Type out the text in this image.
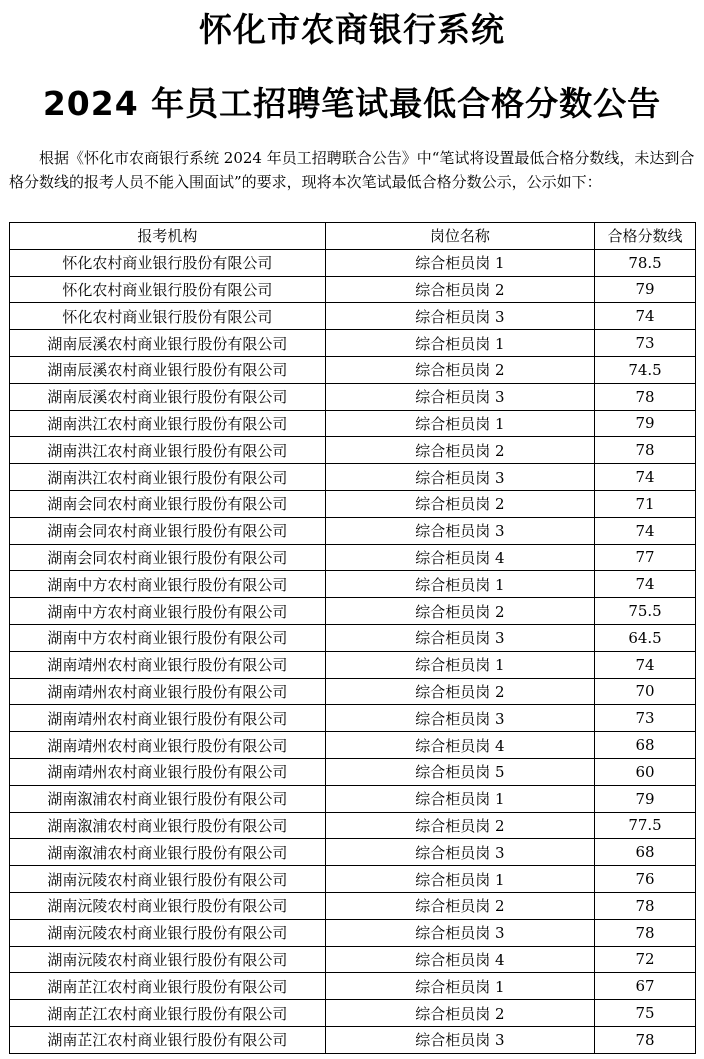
怀化市农商银行系统
2024 年员工招聘笔试最低合格分数公告

根据《怀化市农商银行系统 2024 年员工招聘联合公告》中“笔试将设置最低合格分数线，未达到合格分数线的报考人员不能入围面试”的要求，现将本次笔试最低合格分数公示，公示如下：

报考机构	岗位名称	合格分数线
怀化农村商业银行股份有限公司	综合柜员岗 1	78.5
怀化农村商业银行股份有限公司	综合柜员岗 2	79
怀化农村商业银行股份有限公司	综合柜员岗 3	74
湖南辰溪农村商业银行股份有限公司	综合柜员岗 1	73
湖南辰溪农村商业银行股份有限公司	综合柜员岗 2	74.5
湖南辰溪农村商业银行股份有限公司	综合柜员岗 3	78
湖南洪江农村商业银行股份有限公司	综合柜员岗 1	79
湖南洪江农村商业银行股份有限公司	综合柜员岗 2	78
湖南洪江农村商业银行股份有限公司	综合柜员岗 3	74
湖南会同农村商业银行股份有限公司	综合柜员岗 2	71
湖南会同农村商业银行股份有限公司	综合柜员岗 3	74
湖南会同农村商业银行股份有限公司	综合柜员岗 4	77
湖南中方农村商业银行股份有限公司	综合柜员岗 1	74
湖南中方农村商业银行股份有限公司	综合柜员岗 2	75.5
湖南中方农村商业银行股份有限公司	综合柜员岗 3	64.5
湖南靖州农村商业银行股份有限公司	综合柜员岗 1	74
湖南靖州农村商业银行股份有限公司	综合柜员岗 2	70
湖南靖州农村商业银行股份有限公司	综合柜员岗 3	73
湖南靖州农村商业银行股份有限公司	综合柜员岗 4	68
湖南靖州农村商业银行股份有限公司	综合柜员岗 5	60
湖南溆浦农村商业银行股份有限公司	综合柜员岗 1	79
湖南溆浦农村商业银行股份有限公司	综合柜员岗 2	77.5
湖南溆浦农村商业银行股份有限公司	综合柜员岗 3	68
湖南沅陵农村商业银行股份有限公司	综合柜员岗 1	76
湖南沅陵农村商业银行股份有限公司	综合柜员岗 2	78
湖南沅陵农村商业银行股份有限公司	综合柜员岗 3	78
湖南沅陵农村商业银行股份有限公司	综合柜员岗 4	72
湖南芷江农村商业银行股份有限公司	综合柜员岗 1	67
湖南芷江农村商业银行股份有限公司	综合柜员岗 2	75
湖南芷江农村商业银行股份有限公司	综合柜员岗 3	78
